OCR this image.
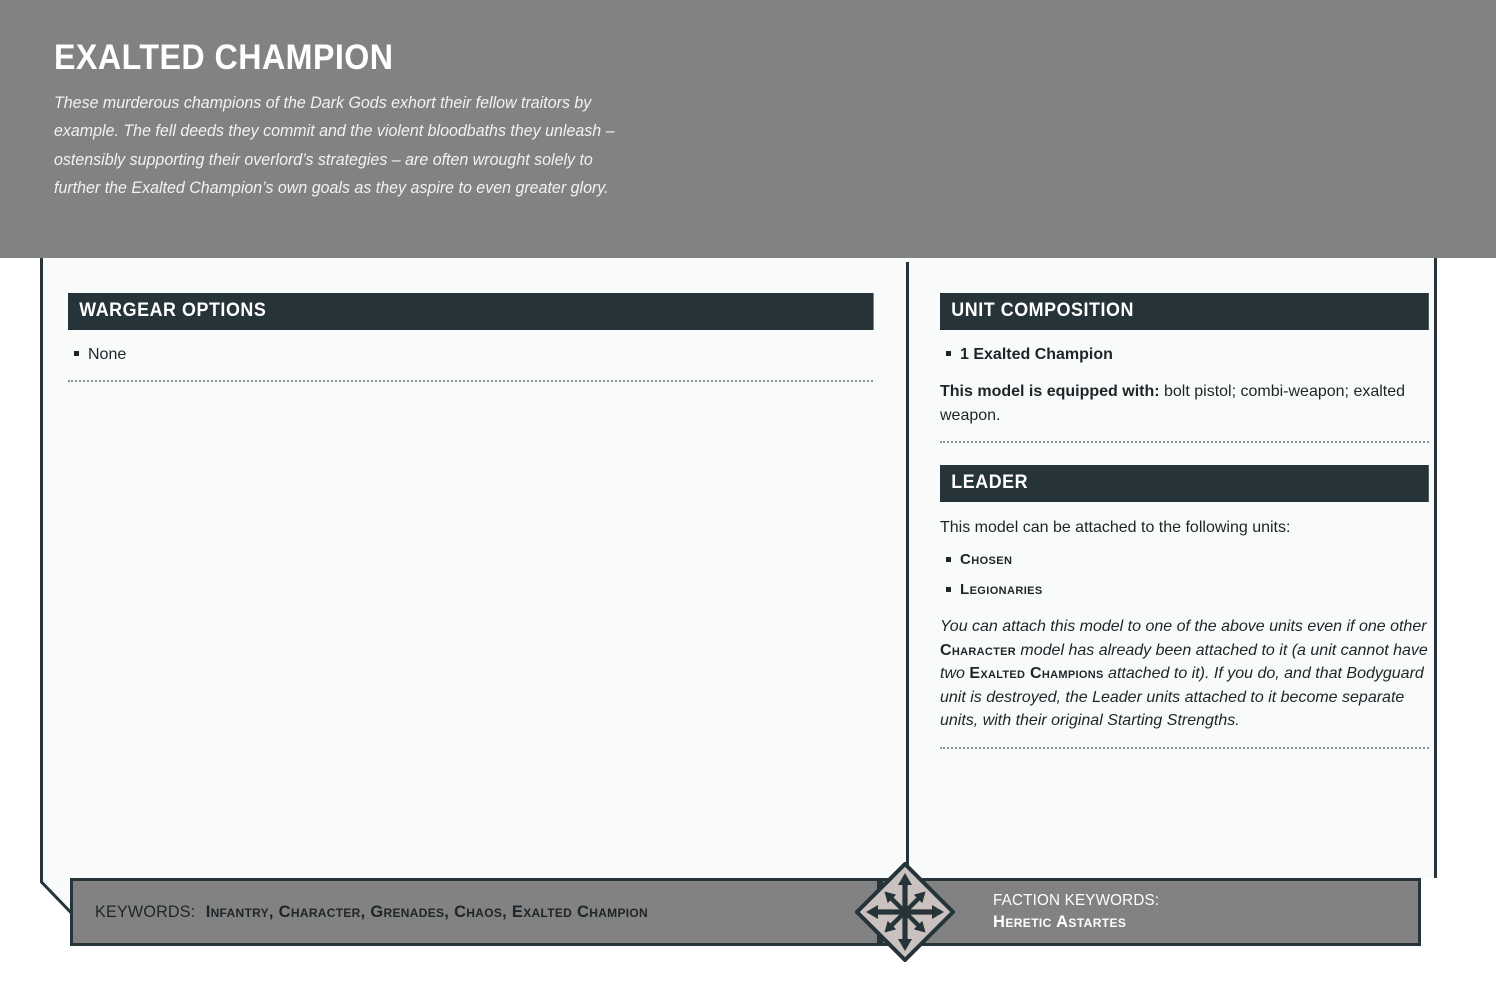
EXALTED CHAMPION

These murderous champions of the Dark Gods exhort their fellow traitors by example. The fell deeds they commit and the violent bloodbaths they unleash – ostensibly supporting their overlord’s strategies – are often wrought solely to further the Exalted Champion’s own goals as they aspire to even greater glory.

WARGEAR OPTIONS
None
UNIT COMPOSITION
1 Exalted Champion

This model is equipped with: bolt pistol; combi-weapon; exalted weapon.

LEADER

This model can be attached to the following units:

Chosen
Legionaries

You can attach this model to one of the above units even if one other Character model has already been attached to it (a unit cannot have two Exalted Champions attached to it). If you do, and that Bodyguard unit is destroyed, the Leader units attached to it become separate units, with their original Starting Strengths.

KEYWORDS: Infantry, Character, Grenades, Chaos, Exalted Champion
FACTION KEYWORDS:
Heretic Astartes
